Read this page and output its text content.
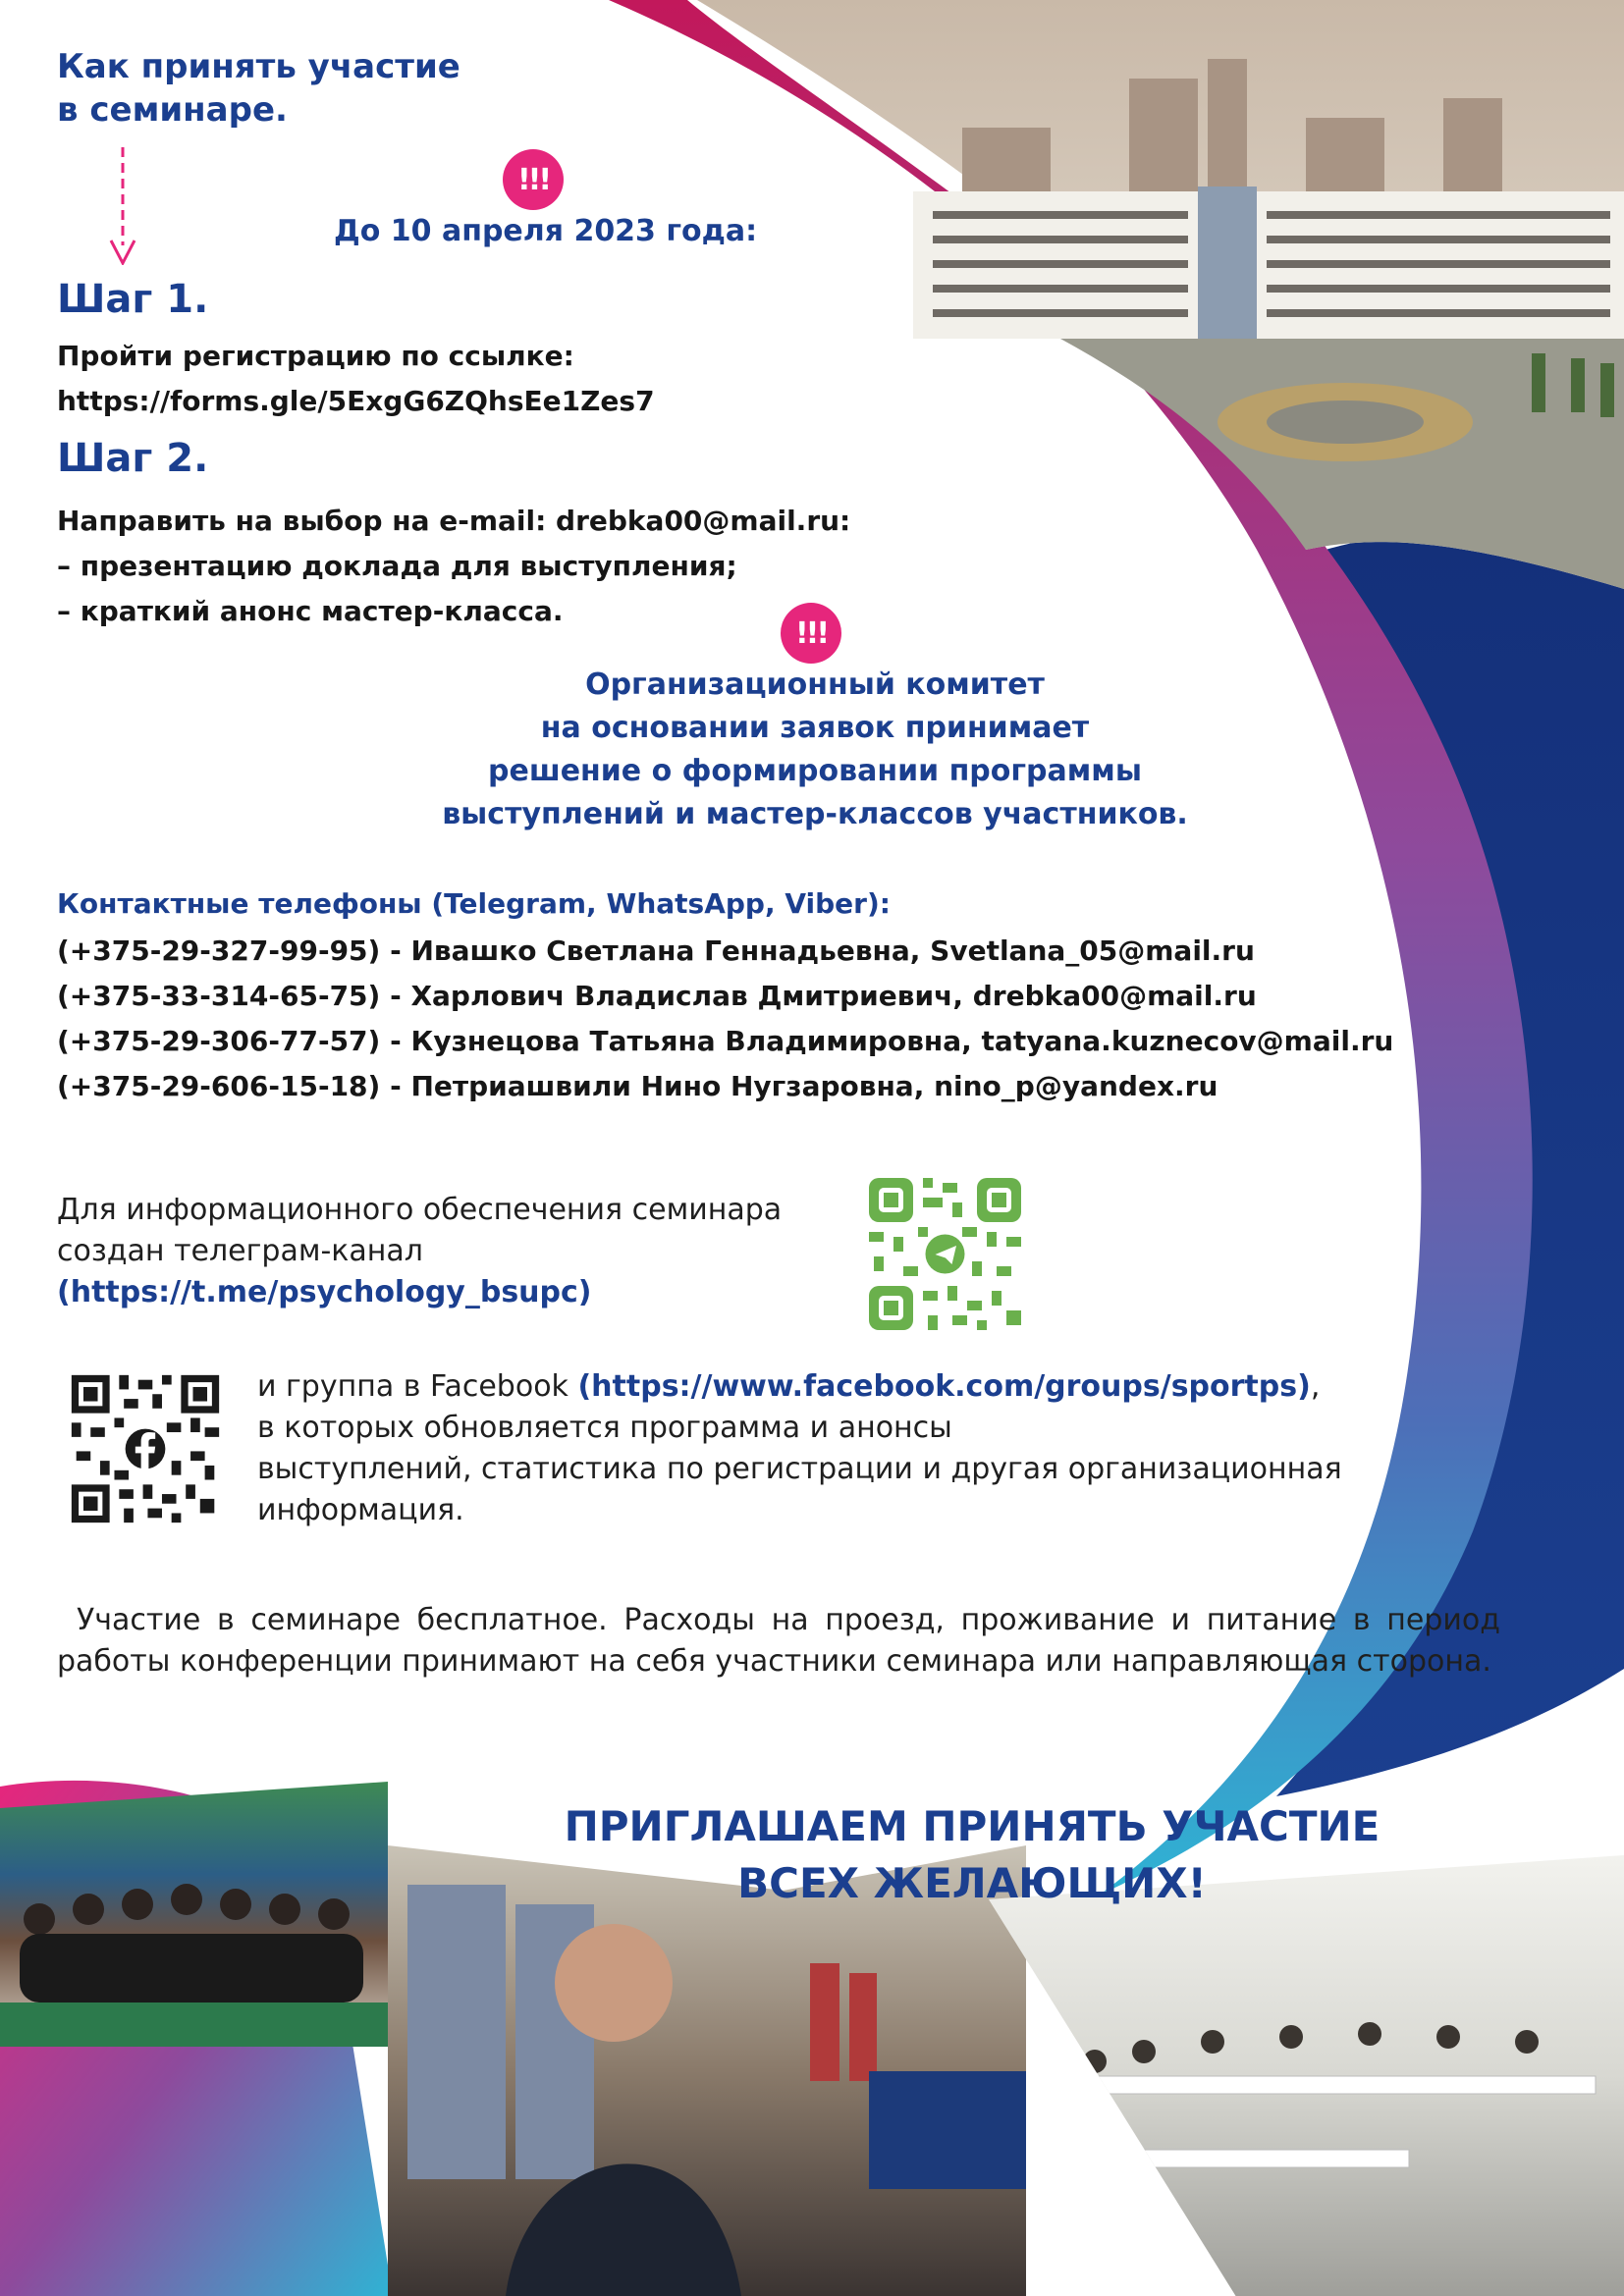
Как принять участие
в семинаре.
!!!
До 10 апреля 2023 года:
Шаг 1.
Пройти регистрацию по ссылке:
https://forms.gle/5ExgG6ZQhsEe1Zes7
Шаг 2.
Направить на выбор на e-mail: drebka00@mail.ru:
– презентацию доклада для выступления;
– краткий анонс мастер-класса.
!!!
Организационный комитет
на основании заявок принимает
решение о формировании программы
выступлений и мастер-классов участников.
Контактные телефоны (Telegram, WhatsApp, Viber):
(+375-29-327-99-95) - Ивашко Светлана Геннадьевна, Svetlana_05@mail.ru
(+375-33-314-65-75) - Харлович Владислав Дмитриевич, drebka00@mail.ru
(+375-29-306-77-57) - Кузнецова Татьяна Владимировна, tatyana.kuznecov@mail.ru
(+375-29-606-15-18) - Петриашвили Нино Нугзаровна, nino_p@yandex.ru
Для информационного обеспечения семинара
создан телеграм-канал
(https://t.me/psychology_bsupc)
и группа в Facebook (https://www.facebook.com/groups/sportps),
в которых обновляется программа и анонсы
выступлений, статистика по регистрации и другая организационная
информация.
Участие в семинаре бесплатное. Расходы на проезд, проживание и питание в период
работы конференции принимают на себя участники семинара или направляющая сторона.
ПРИГЛАШАЕМ ПРИНЯТЬ УЧАСТИЕ
ВСЕХ ЖЕЛАЮЩИХ!
